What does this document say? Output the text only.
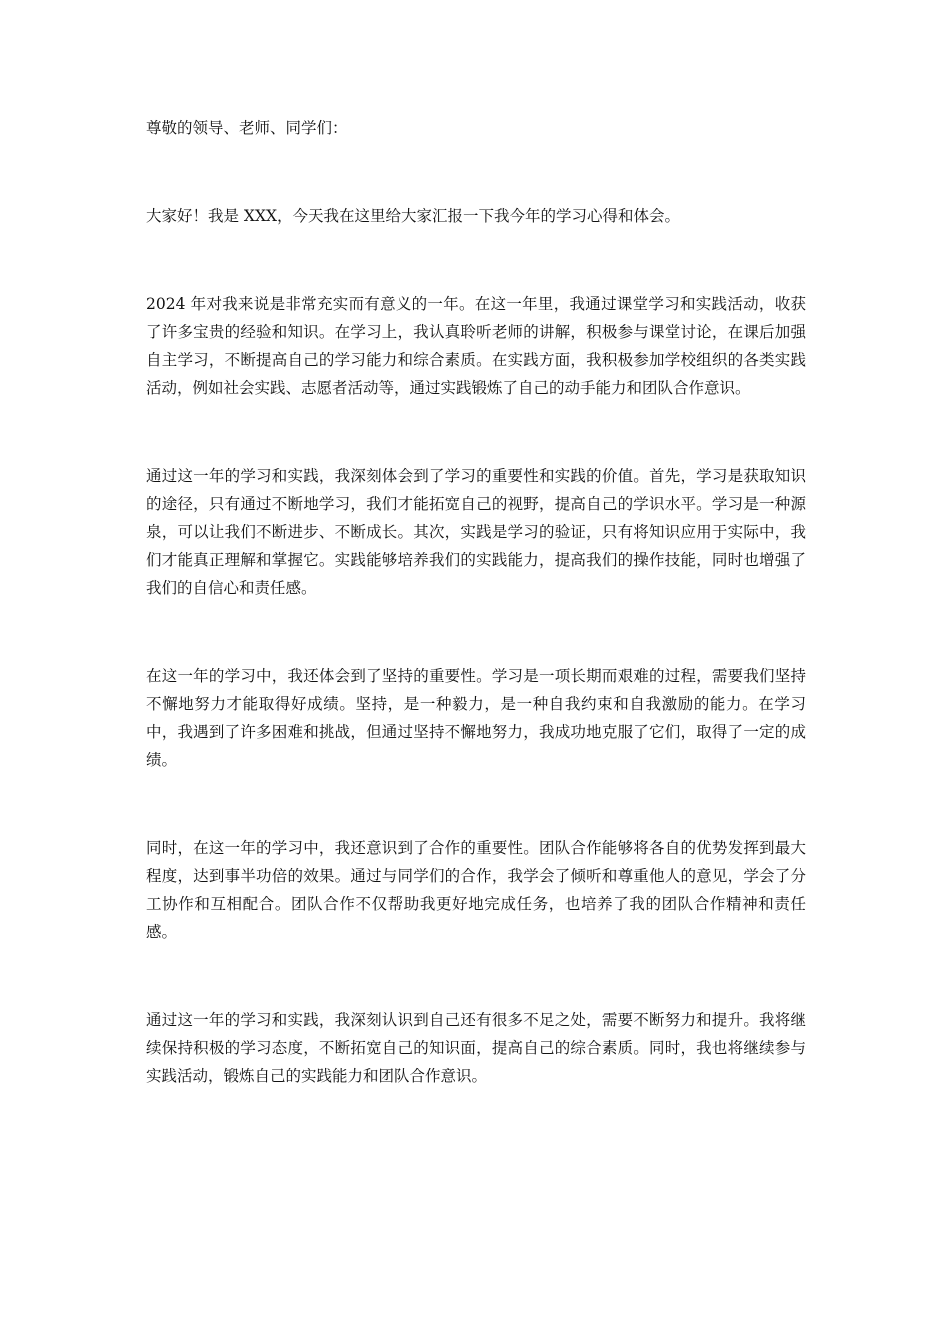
尊敬的领导、老师、同学们：

大家好！我是 XXX，今天我在这里给大家汇报一下我今年的学习心得和体会。

2024 年对我来说是非常充实而有意义的一年。在这一年里，我通过课堂学习和实践活动，收获了许多宝贵的经验和知识。在学习上，我认真聆听老师的讲解，积极参与课堂讨论，在课后加强自主学习，不断提高自己的学习能力和综合素质。在实践方面，我积极参加学校组织的各类实践活动，例如社会实践、志愿者活动等，通过实践锻炼了自己的动手能力和团队合作意识。

通过这一年的学习和实践，我深刻体会到了学习的重要性和实践的价值。首先，学习是获取知识的途径，只有通过不断地学习，我们才能拓宽自己的视野，提高自己的学识水平。学习是一种源泉，可以让我们不断进步、不断成长。其次，实践是学习的验证，只有将知识应用于实际中，我们才能真正理解和掌握它。实践能够培养我们的实践能力，提高我们的操作技能，同时也增强了我们的自信心和责任感。

在这一年的学习中，我还体会到了坚持的重要性。学习是一项长期而艰难的过程，需要我们坚持不懈地努力才能取得好成绩。坚持，是一种毅力，是一种自我约束和自我激励的能力。在学习中，我遇到了许多困难和挑战，但通过坚持不懈地努力，我成功地克服了它们，取得了一定的成绩。

同时，在这一年的学习中，我还意识到了合作的重要性。团队合作能够将各自的优势发挥到最大程度，达到事半功倍的效果。通过与同学们的合作，我学会了倾听和尊重他人的意见，学会了分工协作和互相配合。团队合作不仅帮助我更好地完成任务，也培养了我的团队合作精神和责任感。

通过这一年的学习和实践，我深刻认识到自己还有很多不足之处，需要不断努力和提升。我将继续保持积极的学习态度，不断拓宽自己的知识面，提高自己的综合素质。同时，我也将继续参与实践活动，锻炼自己的实践能力和团队合作意识。
